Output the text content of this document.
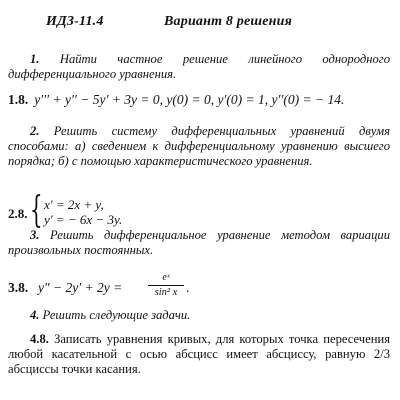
ИДЗ-11.4	Вариант 8 решения
1. Найти частное решение линейного однородного дифференциального уравнения.
1.8. y′′′ + y′′ − 5y′ + 3y = 0, y(0) = 0, y′(0) = 1, y′′(0) = − 14.
2. Решить систему дифференциальных уравнений двумя способами: а) сведением к дифференциальному уравнению высшего порядка; б) с помощью характеристического уравнения.
2.8. { x′ = 2x + y,
y′ = − 6x − 3y.
3. Решить дифференциальное уравнение методом вариации произвольных постоянных.
3.8. y″ − 2y′ + 2y =
eˣ
sin² x .
4. Решить следующие задачи.
4.8. Записать уравнения кривых, для которых точка пересечения любой касательной с осью абсцисс имеет абсциссу, равную 2/3 абсциссы точки касания.
